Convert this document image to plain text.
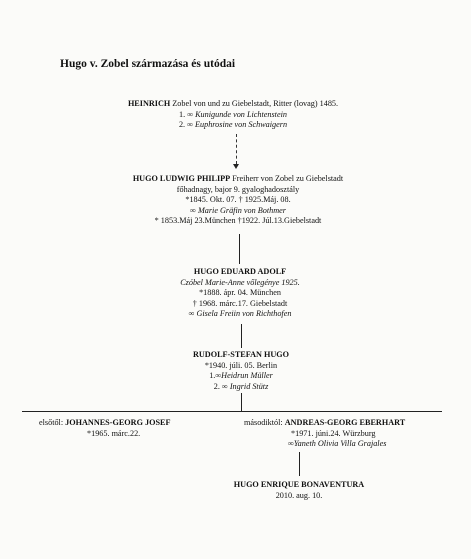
Hugo v. Zobel származása és utódai
HEINRICH Zobel von und zu Giebelstadt, Ritter (lovag) 1485.
1. ∞ Kunigunde von Lichtenstein
2. ∞ Euphrosine von Schwaigern
HUGO LUDWIG PHILIPP Freiherr von Zobel zu Giebelstadt
főhadnagy, bajor 9. gyaloghadosztály
*1845. Okt. 07. † 1925.Máj. 08.
∞ Marie Gräfin von Bothmer
* 1853.Máj 23.München †1922. Júl.13.Giebelstadt
HUGO EDUARD ADOLF
Czóbel Marie-Anne vőlegénye 1925.
*1888. ápr. 04. München
† 1968. márc.17. Giebelstadt
∞ Gisela Freiin von Richthofen
RUDOLF-STEFAN HUGO
*1940. júli. 05. Berlin
1.∞Heidrun Müller
2. ∞ Ingrid Stütz
elsőtől: JOHANNES-GEORG JOSEF
*1965. márc.22.
másodiktól: ANDREAS-GEORG EBERHART
*1971. júni.24. Würzburg
∞Yaneth Olivia Villa Grajales
HUGO ENRIQUE BONAVENTURA
2010. aug. 10.
